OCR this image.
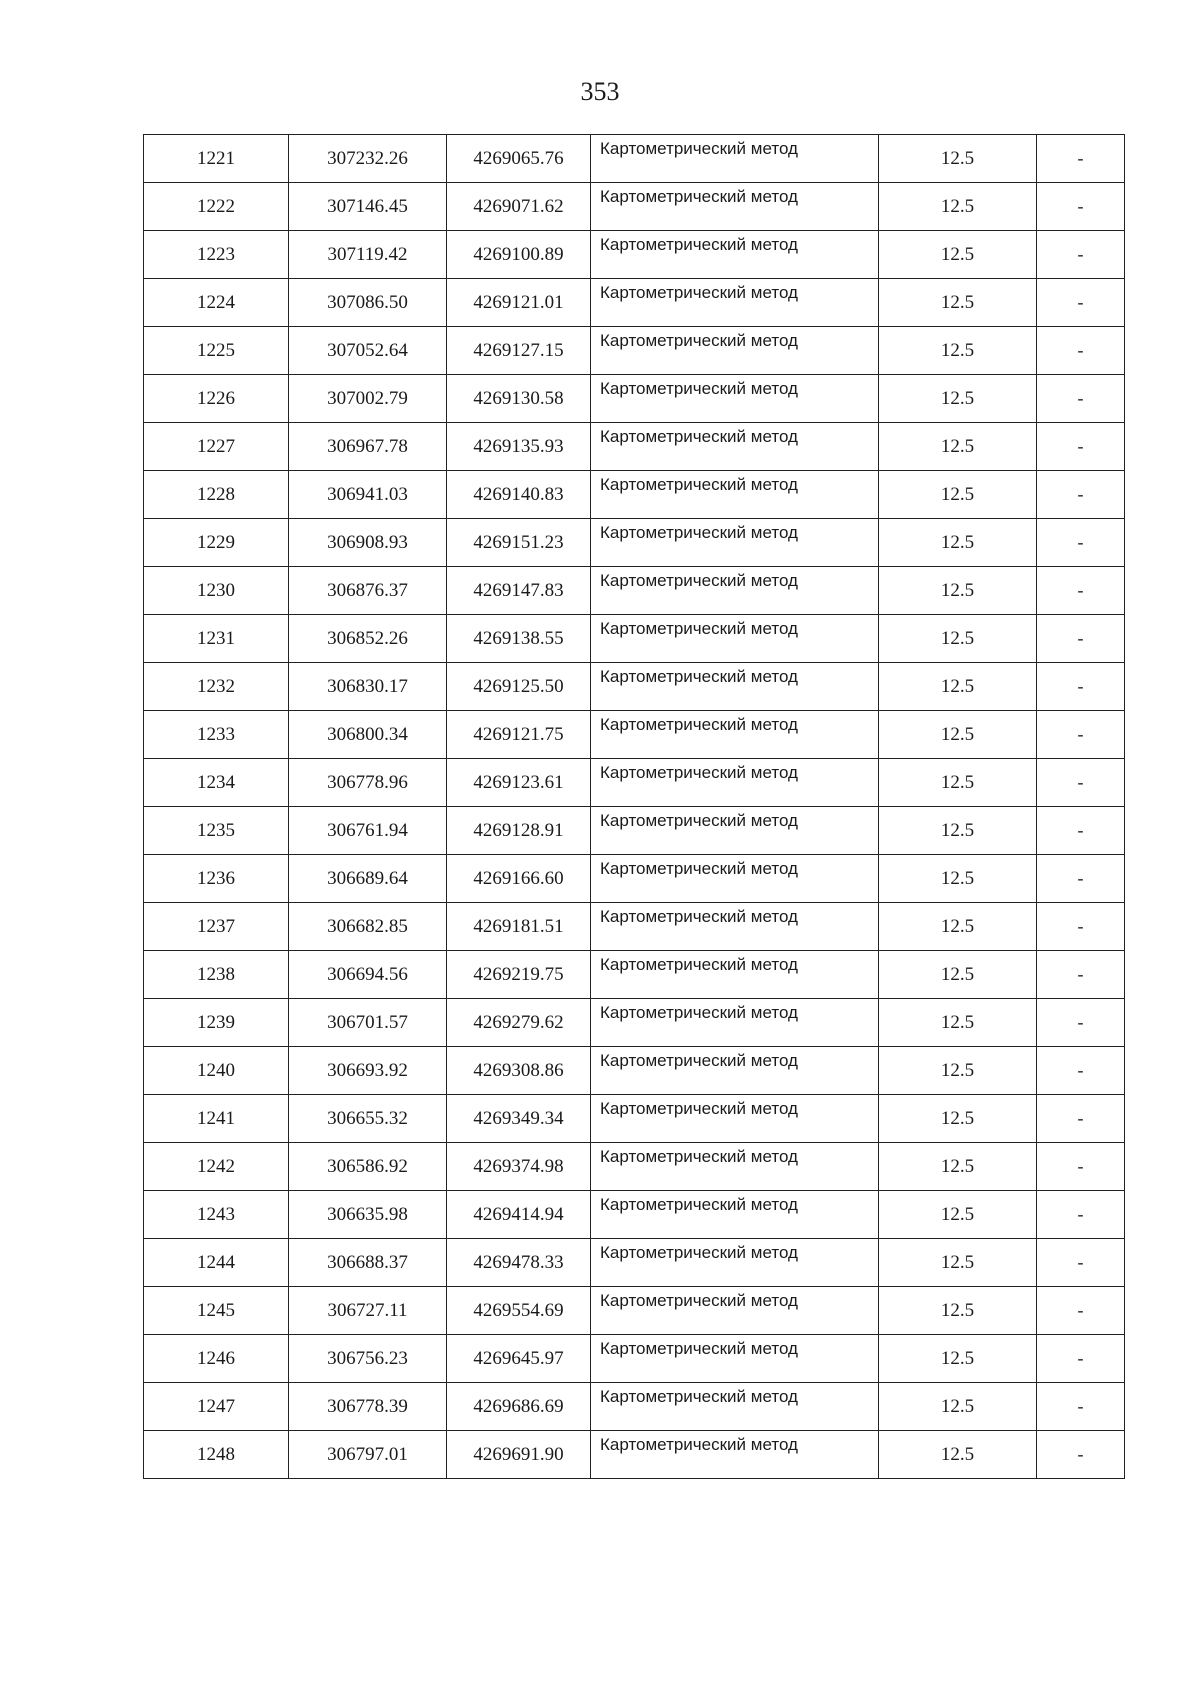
353
1221	307232.26	4269065.76	Картометрический метод	12.5	-
1222	307146.45	4269071.62	Картометрический метод	12.5	-
1223	307119.42	4269100.89	Картометрический метод	12.5	-
1224	307086.50	4269121.01	Картометрический метод	12.5	-
1225	307052.64	4269127.15	Картометрический метод	12.5	-
1226	307002.79	4269130.58	Картометрический метод	12.5	-
1227	306967.78	4269135.93	Картометрический метод	12.5	-
1228	306941.03	4269140.83	Картометрический метод	12.5	-
1229	306908.93	4269151.23	Картометрический метод	12.5	-
1230	306876.37	4269147.83	Картометрический метод	12.5	-
1231	306852.26	4269138.55	Картометрический метод	12.5	-
1232	306830.17	4269125.50	Картометрический метод	12.5	-
1233	306800.34	4269121.75	Картометрический метод	12.5	-
1234	306778.96	4269123.61	Картометрический метод	12.5	-
1235	306761.94	4269128.91	Картометрический метод	12.5	-
1236	306689.64	4269166.60	Картометрический метод	12.5	-
1237	306682.85	4269181.51	Картометрический метод	12.5	-
1238	306694.56	4269219.75	Картометрический метод	12.5	-
1239	306701.57	4269279.62	Картометрический метод	12.5	-
1240	306693.92	4269308.86	Картометрический метод	12.5	-
1241	306655.32	4269349.34	Картометрический метод	12.5	-
1242	306586.92	4269374.98	Картометрический метод	12.5	-
1243	306635.98	4269414.94	Картометрический метод	12.5	-
1244	306688.37	4269478.33	Картометрический метод	12.5	-
1245	306727.11	4269554.69	Картометрический метод	12.5	-
1246	306756.23	4269645.97	Картометрический метод	12.5	-
1247	306778.39	4269686.69	Картометрический метод	12.5	-
1248	306797.01	4269691.90	Картометрический метод	12.5	-
